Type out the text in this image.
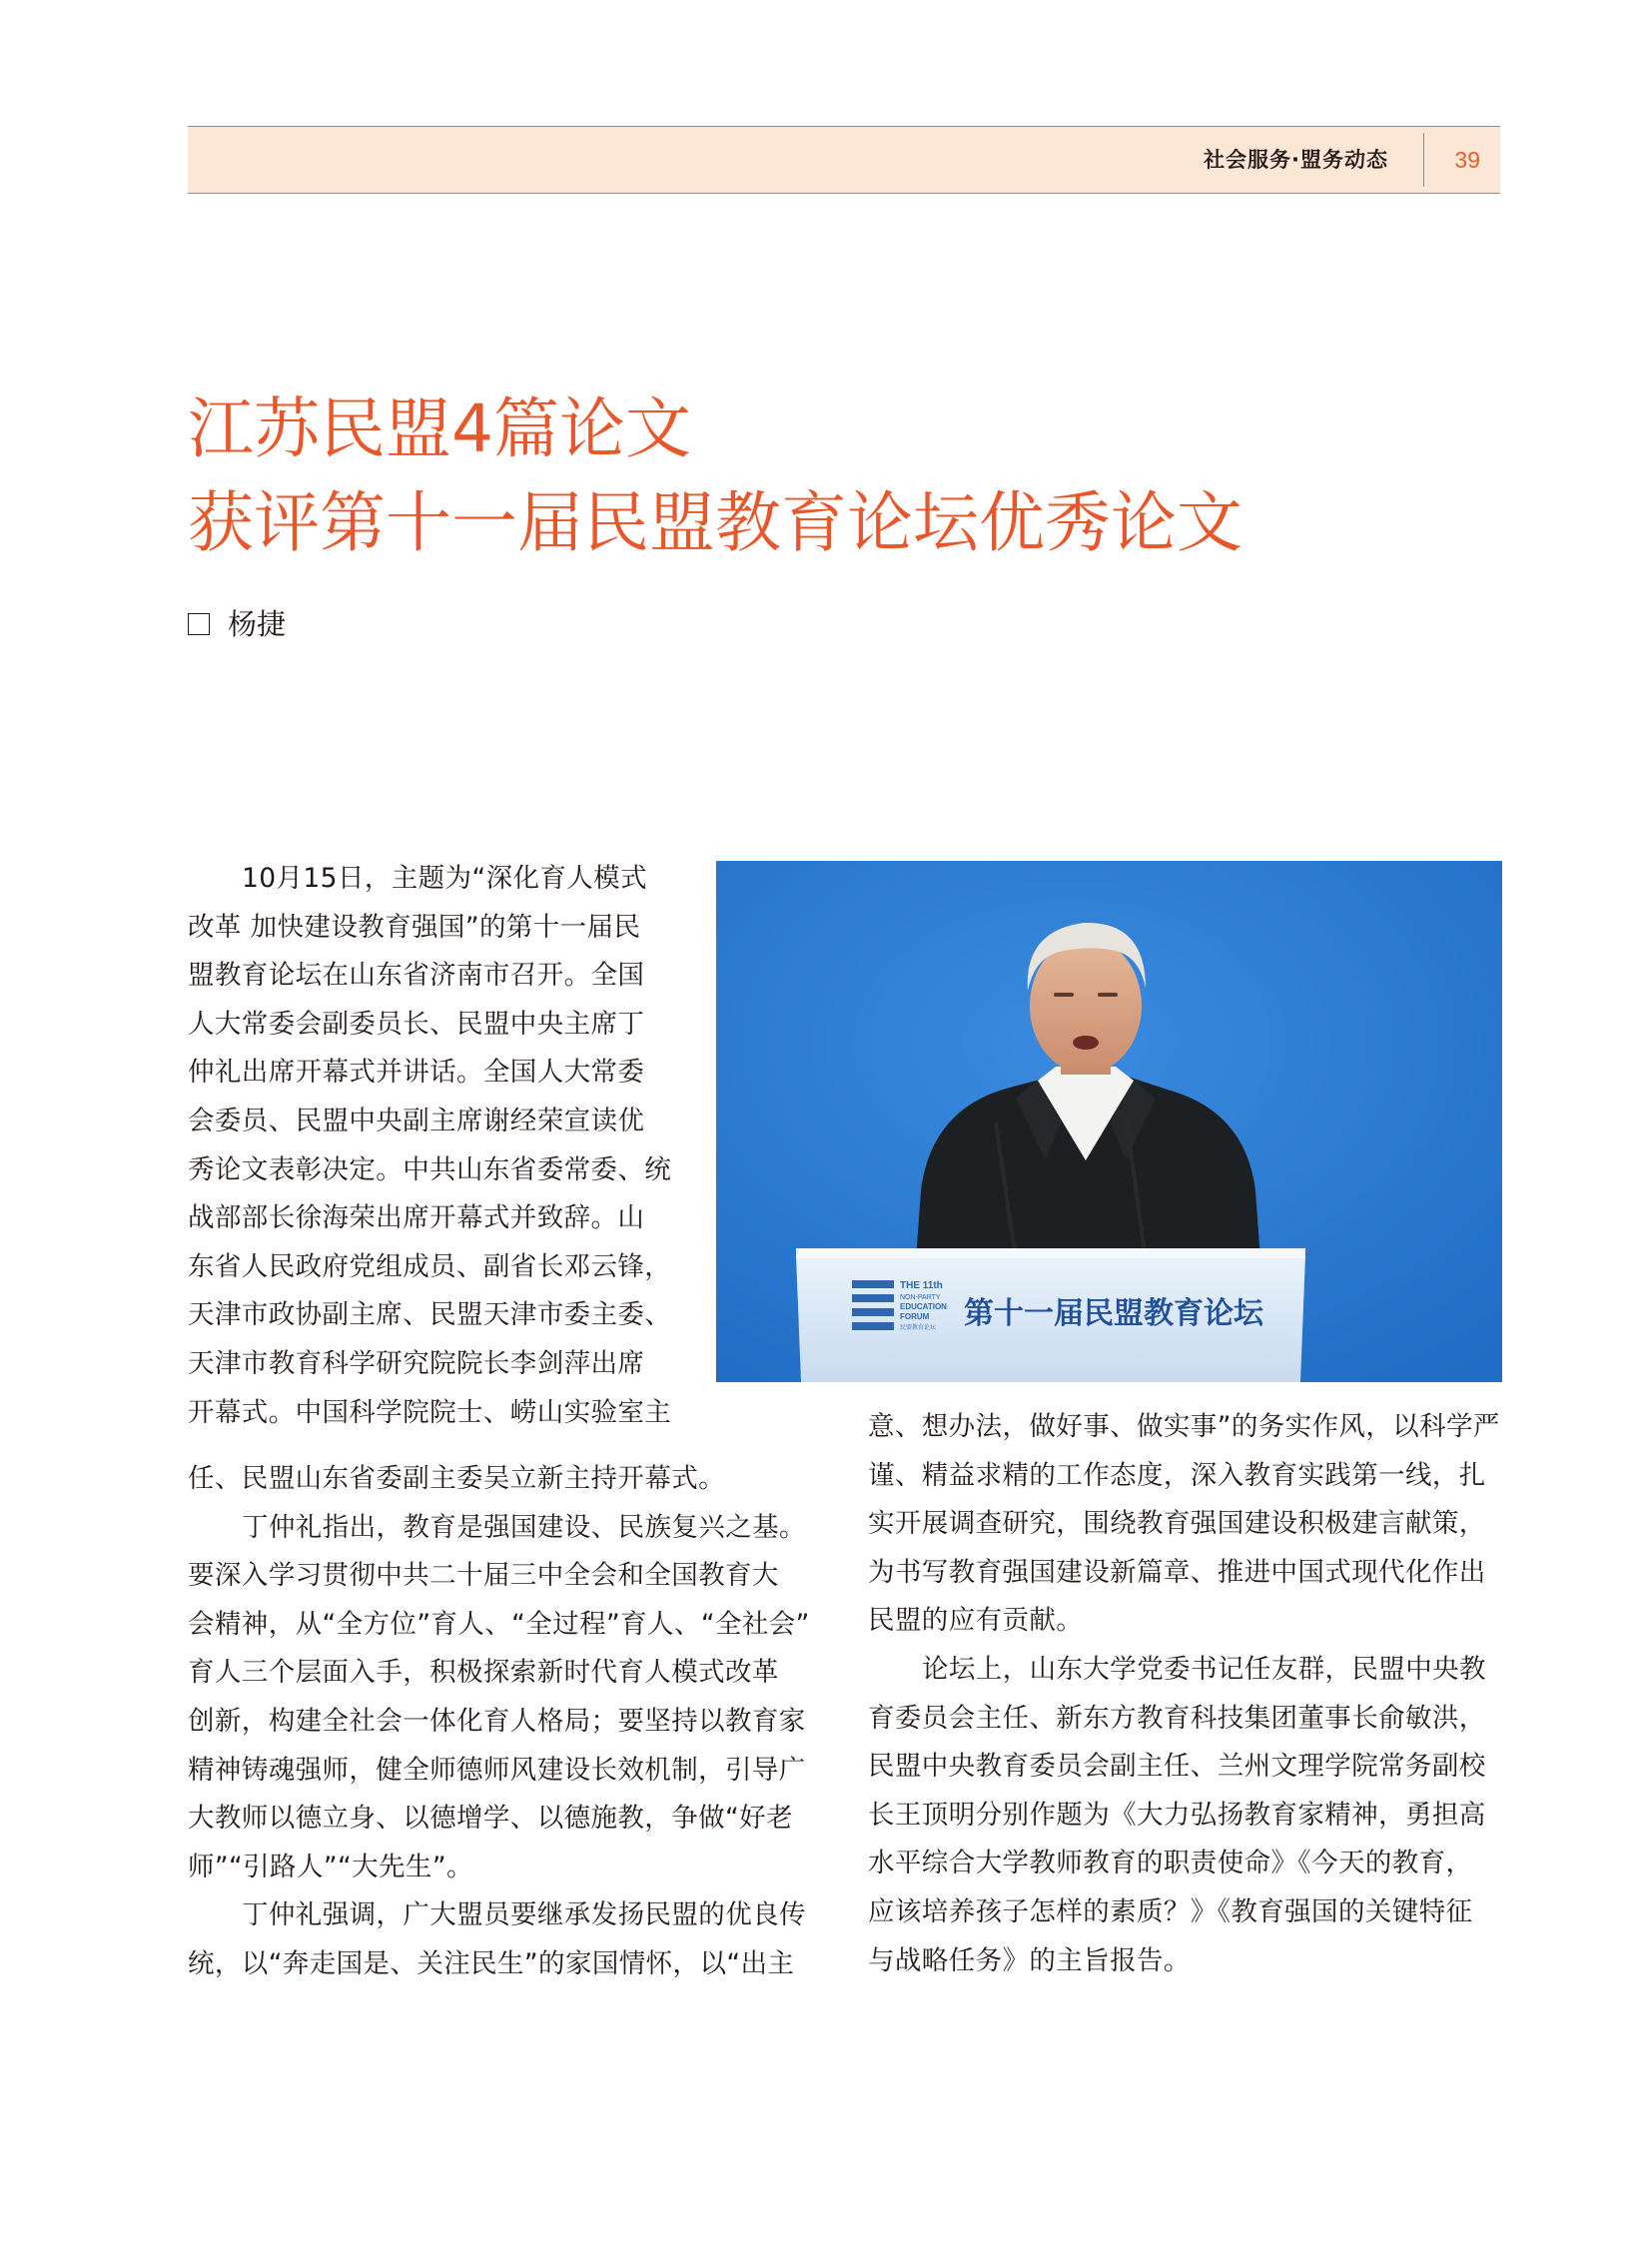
社会服务·盟务动态	39
江苏民盟4篇论文
获评第十一届民盟教育论坛优秀论文
杨捷
THE 11th
NON-PARTY
EDUCATION
FORUM
民盟教育论坛 第十一届民盟教育论坛
10月15日，主题为“深化育人模式
改革 加快建设教育强国”的第十一届民
盟教育论坛在山东省济南市召开。全国
人大常委会副委员长、民盟中央主席丁
仲礼出席开幕式并讲话。全国人大常委
会委员、民盟中央副主席谢经荣宣读优
秀论文表彰决定。中共山东省委常委、统
战部部长徐海荣出席开幕式并致辞。山
东省人民政府党组成员、副省长邓云锋，
天津市政协副主席、民盟天津市委主委、
天津市教育科学研究院院长李剑萍出席
开幕式。中国科学院院士、崂山实验室主
任、民盟山东省委副主委吴立新主持开幕式。
丁仲礼指出，教育是强国建设、民族复兴之基。
要深入学习贯彻中共二十届三中全会和全国教育大
会精神，从“全方位”育人、“全过程”育人、“全社会”
育人三个层面入手，积极探索新时代育人模式改革
创新，构建全社会一体化育人格局；要坚持以教育家
精神铸魂强师，健全师德师风建设长效机制，引导广
大教师以德立身、以德增学、以德施教，争做“好老
师”“引路人”“大先生”。
丁仲礼强调，广大盟员要继承发扬民盟的优良传
统，以“奔走国是、关注民生”的家国情怀，以“出主
意、想办法，做好事、做实事”的务实作风，以科学严
谨、精益求精的工作态度，深入教育实践第一线，扎
实开展调查研究，围绕教育强国建设积极建言献策，
为书写教育强国建设新篇章、推进中国式现代化作出
民盟的应有贡献。
论坛上，山东大学党委书记任友群，民盟中央教
育委员会主任、新东方教育科技集团董事长俞敏洪，
民盟中央教育委员会副主任、兰州文理学院常务副校
长王顶明分别作题为《大力弘扬教育家精神，勇担高
水平综合大学教师教育的职责使命》《今天的教育，
应该培养孩子怎样的素质？》《教育强国的关键特征
与战略任务》的主旨报告。
